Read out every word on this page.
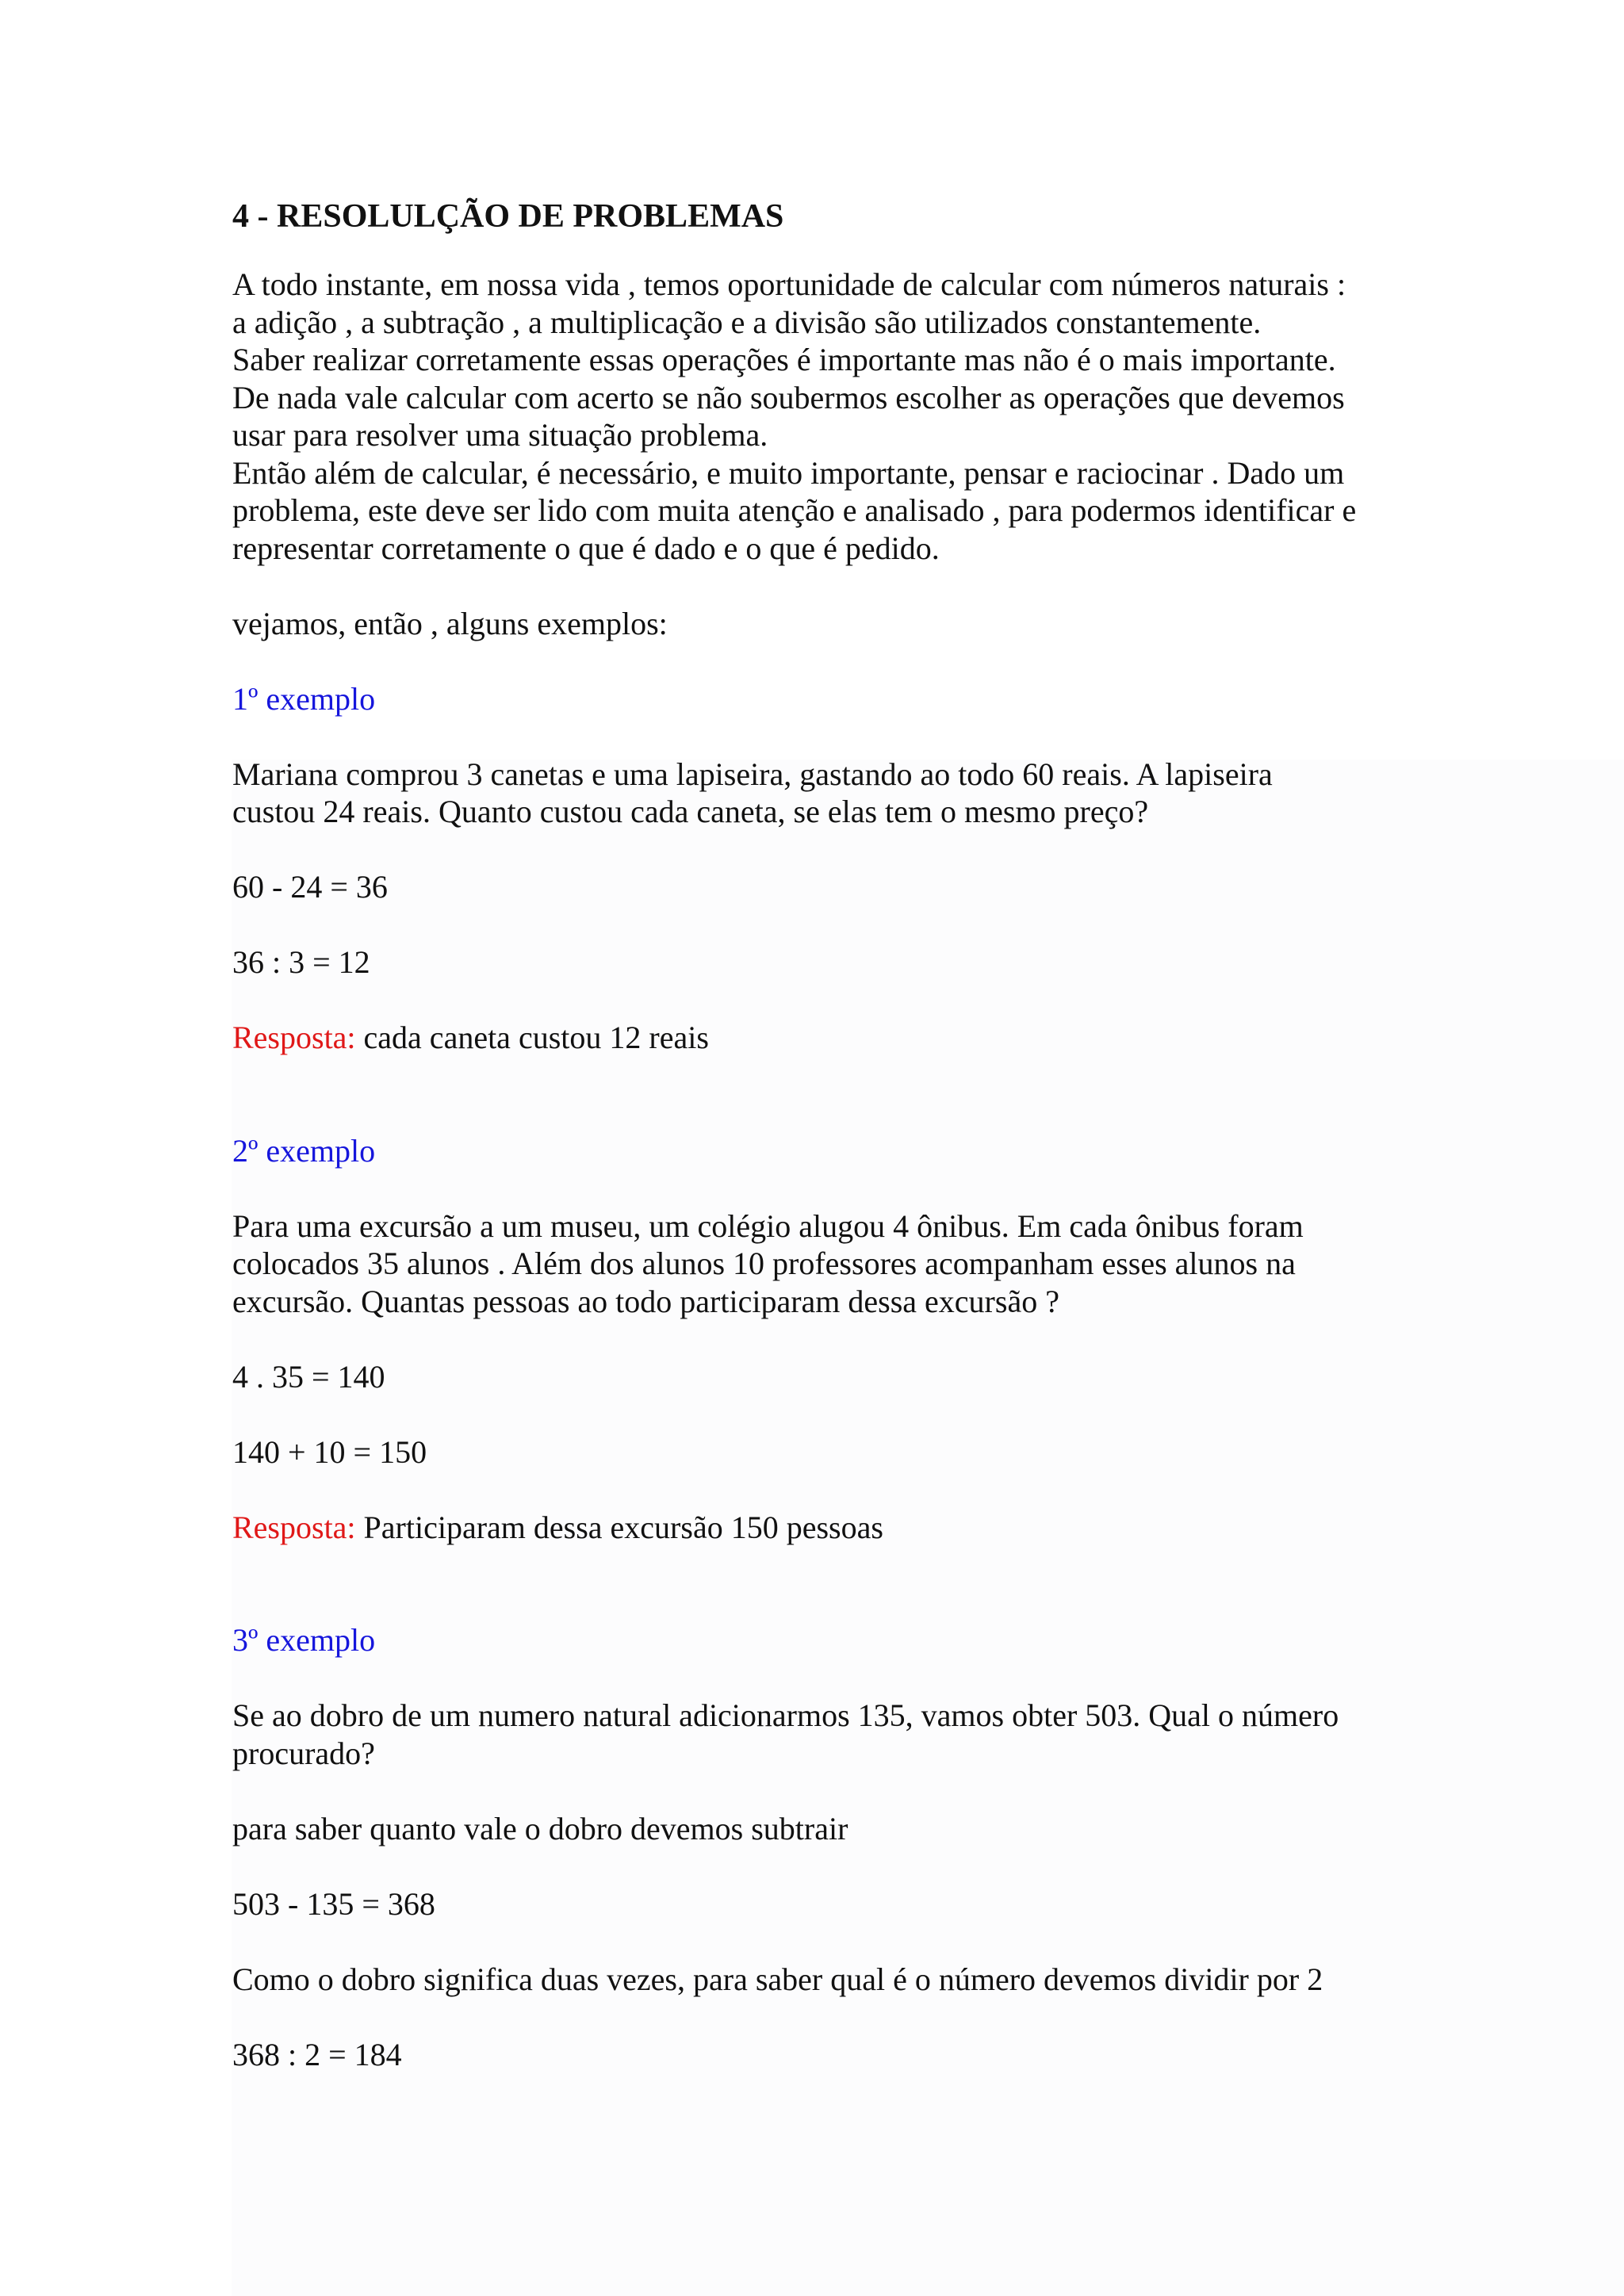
4 - RESOLULÇÃO DE PROBLEMAS

A todo instante, em nossa vida , temos oportunidade de calcular com números naturais :

a adição , a subtração , a multiplicação e a divisão são utilizados constantemente.

Saber realizar corretamente essas operações é importante mas não é o mais importante.

De nada vale calcular com acerto se não soubermos escolher as operações que devemos

usar para resolver uma situação problema.

Então além de calcular, é necessário, e muito importante, pensar e raciocinar . Dado um

problema, este deve ser lido com muita atenção e analisado , para podermos identificar e

representar corretamente o que é dado e o que é pedido.

vejamos, então , alguns exemplos:

1º exemplo

Mariana comprou 3 canetas e uma lapiseira, gastando ao todo 60 reais. A lapiseira

custou 24 reais. Quanto custou cada caneta, se elas tem o mesmo preço?

60 - 24 = 36

36 : 3 = 12

Resposta: cada caneta custou 12 reais

2º exemplo

Para uma excursão a um museu, um colégio alugou 4 ônibus. Em cada ônibus foram

colocados 35 alunos . Além dos alunos 10 professores acompanham esses alunos na

excursão. Quantas pessoas ao todo participaram dessa excursão ?

4 . 35 = 140

140 + 10 = 150

Resposta: Participaram dessa excursão 150 pessoas

3º exemplo

Se ao dobro de um numero natural adicionarmos 135, vamos obter 503. Qual o número

procurado?

para saber quanto vale o dobro devemos subtrair

503 - 135 = 368

Como o dobro significa duas vezes, para saber qual é o número devemos dividir por 2

368 : 2 = 184
